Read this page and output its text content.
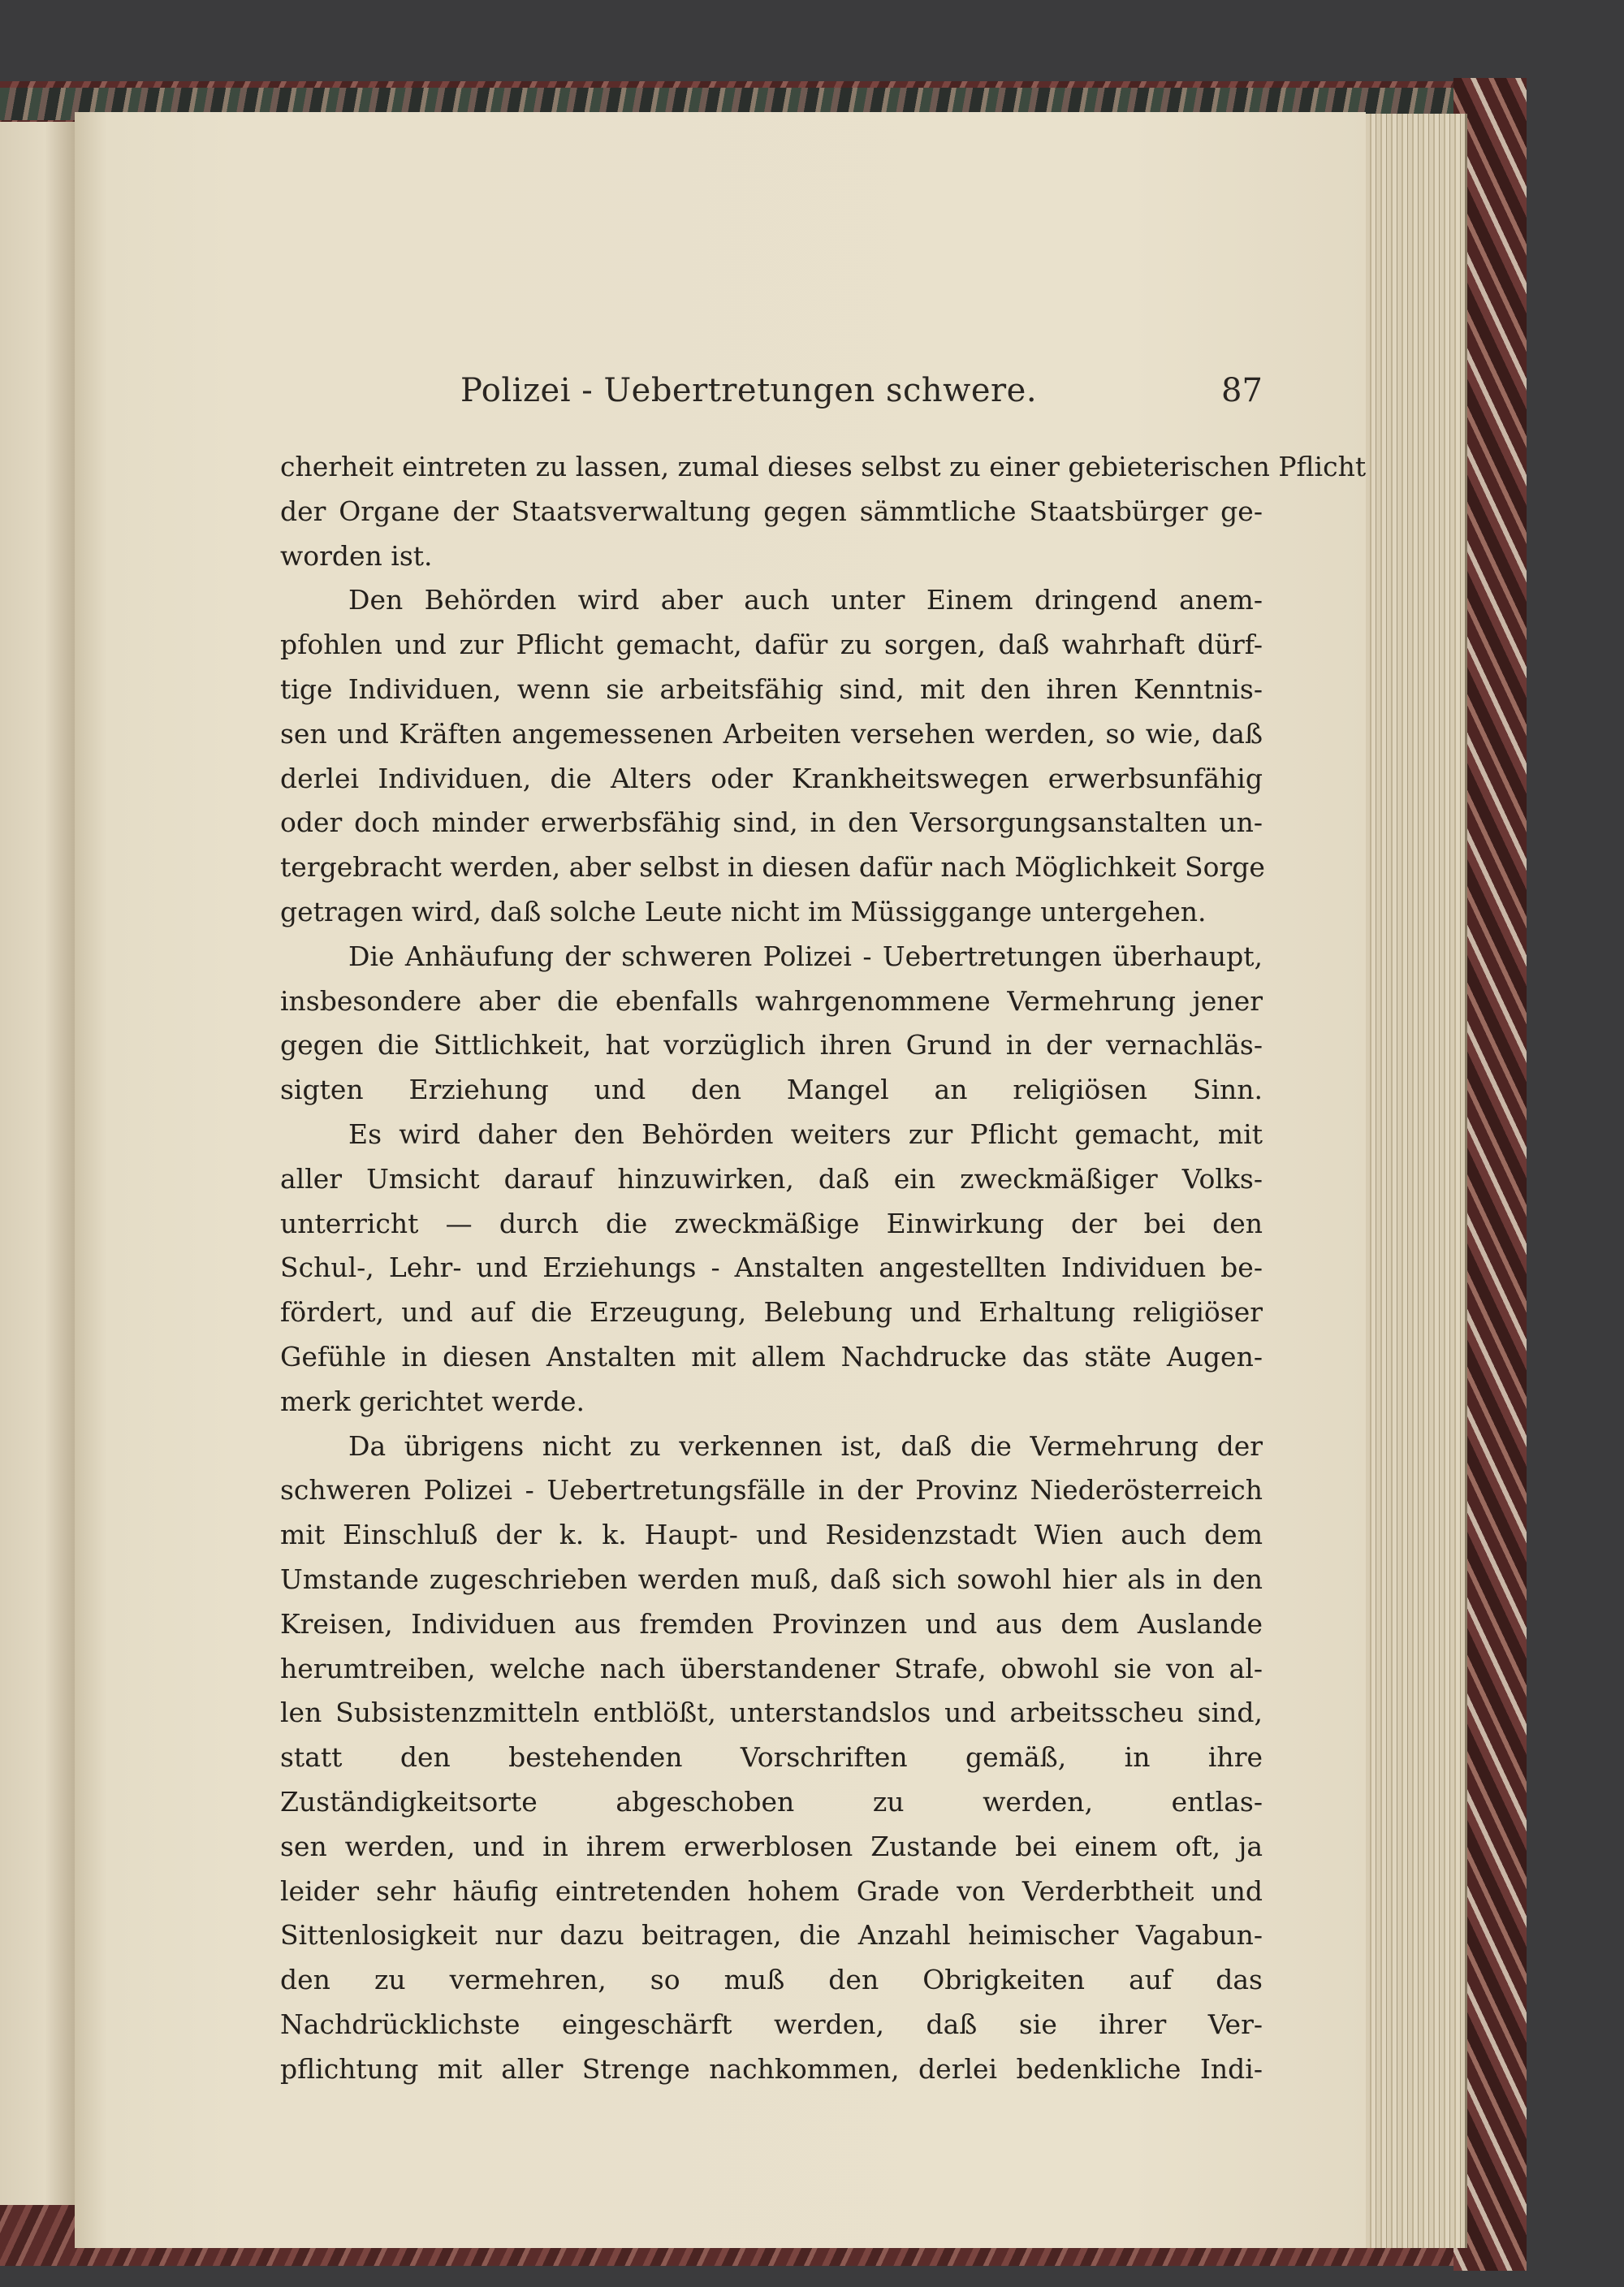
Polizei - Uebertretungen schwere.	87
cherheit eintreten zu lassen, zumal dieses selbst zu einer gebieterischen Pflicht
der Organe der Staatsverwaltung gegen sämmtliche Staatsbürger ge-
worden ist.
Den Behörden wird aber auch unter Einem dringend anem-
pfohlen und zur Pflicht gemacht, dafür zu sorgen, daß wahrhaft dürf-
tige Individuen, wenn sie arbeitsfähig sind, mit den ihren Kenntnis-
sen und Kräften angemessenen Arbeiten versehen werden, so wie, daß
derlei Individuen, die Alters oder Krankheitswegen erwerbsunfähig
oder doch minder erwerbsfähig sind, in den Versorgungsanstalten un-
tergebracht werden, aber selbst in diesen dafür nach Möglichkeit Sorge
getragen wird, daß solche Leute nicht im Müssiggange untergehen.
Die Anhäufung der schweren Polizei - Uebertretungen überhaupt,
insbesondere aber die ebenfalls wahrgenommene Vermehrung jener
gegen die Sittlichkeit, hat vorzüglich ihren Grund in der vernachläs-
sigten Erziehung und den Mangel an religiösen Sinn.
Es wird daher den Behörden weiters zur Pflicht gemacht, mit
aller Umsicht darauf hinzuwirken, daß ein zweckmäßiger Volks-
unterricht — durch die zweckmäßige Einwirkung der bei den
Schul-, Lehr- und Erziehungs - Anstalten angestellten Individuen be-
fördert, und auf die Erzeugung, Belebung und Erhaltung religiöser
Gefühle in diesen Anstalten mit allem Nachdrucke das stäte Augen-
merk gerichtet werde.
Da übrigens nicht zu verkennen ist, daß die Vermehrung der
schweren Polizei - Uebertretungsfälle in der Provinz Niederösterreich
mit Einschluß der k. k. Haupt- und Residenzstadt Wien auch dem
Umstande zugeschrieben werden muß, daß sich sowohl hier als in den
Kreisen, Individuen aus fremden Provinzen und aus dem Auslande
herumtreiben, welche nach überstandener Strafe, obwohl sie von al-
len Subsistenzmitteln entblößt, unterstandslos und arbeitsscheu sind,
statt den bestehenden Vorschriften gemäß, in ihre
Zuständigkeitsorte abgeschoben zu werden, entlas-
sen werden, und in ihrem erwerblosen Zustande bei einem oft, ja
leider sehr häufig eintretenden hohem Grade von Verderbtheit und
Sittenlosigkeit nur dazu beitragen, die Anzahl heimischer Vagabun-
den zu vermehren, so muß den Obrigkeiten auf das
Nachdrücklichste eingeschärft werden, daß sie ihrer Ver-
pflichtung mit aller Strenge nachkommen, derlei bedenkliche Indi-
